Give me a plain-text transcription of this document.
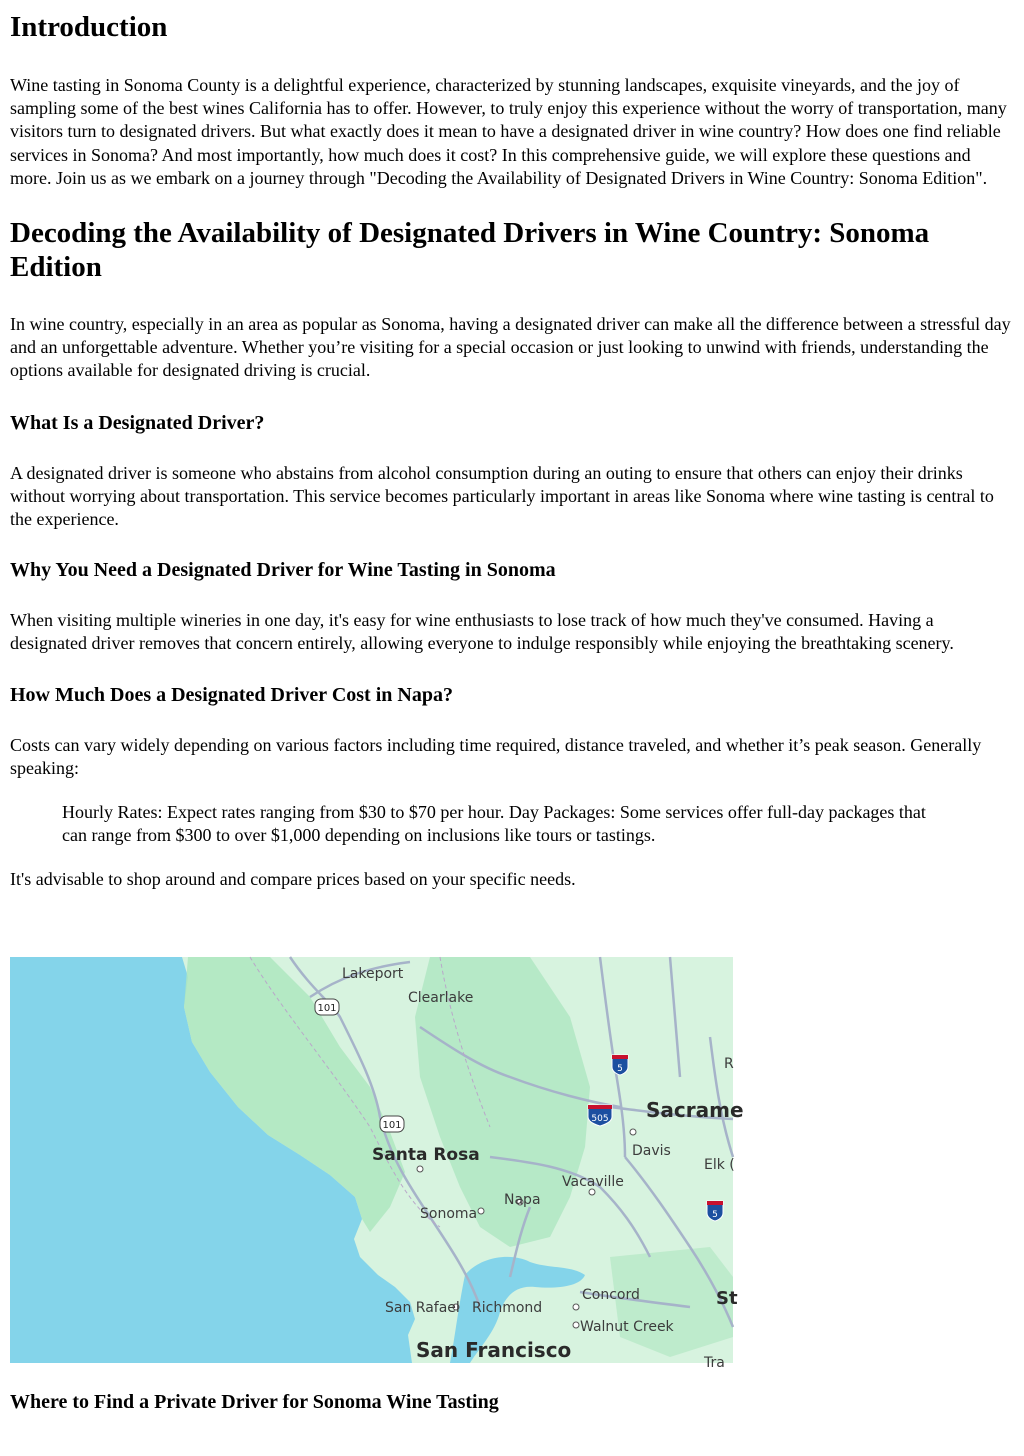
Introduction

Wine tasting in Sonoma County is a delightful experience, characterized by stunning landscapes, exquisite vineyards, and the joy of sampling some of the best wines California has to offer. However, to truly enjoy this experience without the worry of transportation, many visitors turn to designated drivers. But what exactly does it mean to have a designated driver in wine country? How does one find reliable services in Sonoma? And most importantly, how much does it cost? In this comprehensive guide, we will explore these questions and more. Join us as we embark on a journey through "Decoding the Availability of Designated Drivers in Wine Country: Sonoma Edition".

Decoding the Availability of Designated Drivers in Wine Country: Sonoma Edition

In wine country, especially in an area as popular as Sonoma, having a designated driver can make all the difference between a stressful day and an unforgettable adventure. Whether you’re visiting for a special occasion or just looking to unwind with friends, understanding the options available for designated driving is crucial.

What Is a Designated Driver?

A designated driver is someone who abstains from alcohol consumption during an outing to ensure that others can enjoy their drinks without worrying about transportation. This service becomes particularly important in areas like Sonoma where wine tasting is central to the experience.

Why You Need a Designated Driver for Wine Tasting in Sonoma

When visiting multiple wineries in one day, it's easy for wine enthusiasts to lose track of how much they've consumed. Having a designated driver removes that concern entirely, allowing everyone to indulge responsibly while enjoying the breathtaking scenery.

How Much Does a Designated Driver Cost in Napa?

Costs can vary widely depending on various factors including time required, distance traveled, and whether it’s peak season. Generally speaking:

Hourly Rates: Expect rates ranging from $30 to $70 per hour. Day Packages: Some services offer full-day packages that can range from $300 to over $1,000 depending on inclusions like tours or tastings.

It's advisable to shop around and compare prices based on your specific needs.

Lakeport
Clearlake
Sacrame
Davis
Santa Rosa
Vacaville
Napa
Sonoma
Elk (
Concord
San Rafael Richmond
Walnut Creek
San Francisco
St
R
Tra
101
101
5
505
5
Where to Find a Private Driver for Sonoma Wine Tasting
